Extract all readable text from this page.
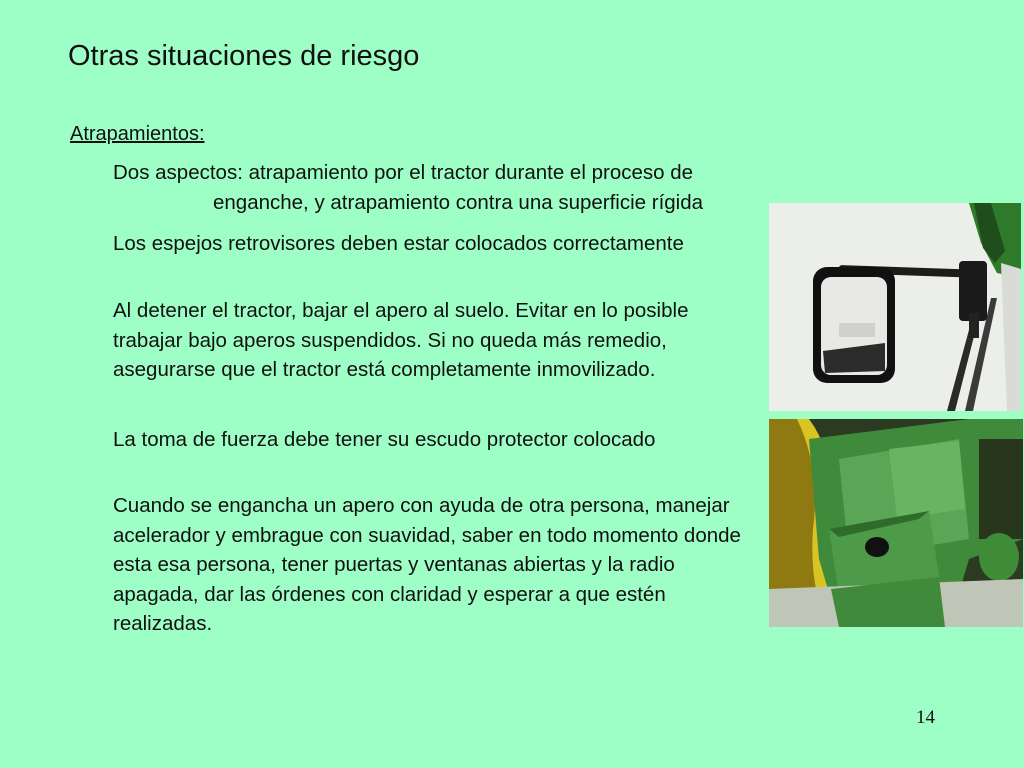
Otras situaciones de riesgo
Atrapamientos:

Dos aspectos: atrapamiento por el tractor durante el proceso de
enganche, y atrapamiento contra una superficie rígida

Los espejos retrovisores deben estar colocados correctamente

Al detener el tractor, bajar el apero al suelo. Evitar en lo posible trabajar bajo aperos suspendidos. Si no queda más remedio, asegurarse que el tractor está completamente inmovilizado.

La toma de fuerza debe tener su escudo protector colocado

Cuando se engancha un apero con ayuda de otra persona, manejar acelerador y embrague con suavidad, saber en todo momento donde esta esa persona, tener puertas y ventanas abiertas y la radio apagada, dar las órdenes con claridad y esperar a que estén realizadas.

14
